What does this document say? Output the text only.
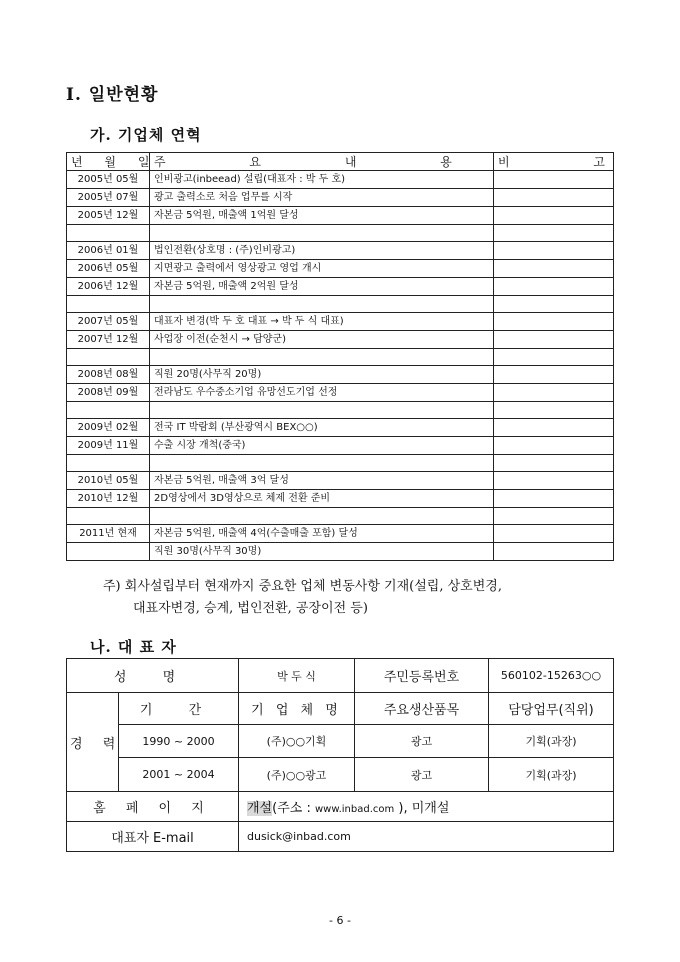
Ⅰ. 일반현황
가. 기업체 연혁
년 월 일	주 요 내 용	비 고
2005년 05월	인비광고(inbeead) 설립(대표자 : 박 두 호)	
2005년 07월	광고 출력소로 처음 업무를 시작	
2005년 12월	자본금 5억원, 매출액 1억원 달성	

2006년 01월	법인전환(상호명 : (주)인비광고)	
2006년 05월	지면광고 출력에서 영상광고 영업 개시	
2006년 12월	자본금 5억원, 매출액 2억원 달성	

2007년 05월	대표자 변경(박 두 호 대표 → 박 두 식 대표)	
2007년 12월	사업장 이전(순천시 → 담양군)	

2008년 08월	직원 20명(사무직 20명)	
2008년 09월	전라남도 우수중소기업 유망선도기업 선정	

2009년 02월	전국 IT 박람회 (부산광역시 BEX○○)	
2009년 11월	수출 시장 개척(중국)	

2010년 05월	자본금 5억원, 매출액 3억 달성	
2010년 12월	2D영상에서 3D영상으로 체제 전환 준비	

2011년 현재	자본금 5억원, 매출액 4억(수출매출 포함) 달성	
	직원 30명(사무직 30명)	
주) 회사설립부터 현재까지 중요한 업체 변동사항 기재(설립, 상호변경,
대표자변경, 승계, 법인전환, 공장이전 등)
나. 대 표 자
성 명		박 두 식	주민등록번호	560102-15263○○
경 력	기 간	기 업 체 명	주요생산품목	담당업무(직위)
	1990 ~ 2000	(주)○○기획	광고	기획(과장)
	2001 ~ 2004	(주)○○광고	광고	기획(과장)
홈 페 이 지		개설(주소 : www.inbad.com ), 미개설		
대표자 E-mail		dusick@inbad.com		
- 6 -
